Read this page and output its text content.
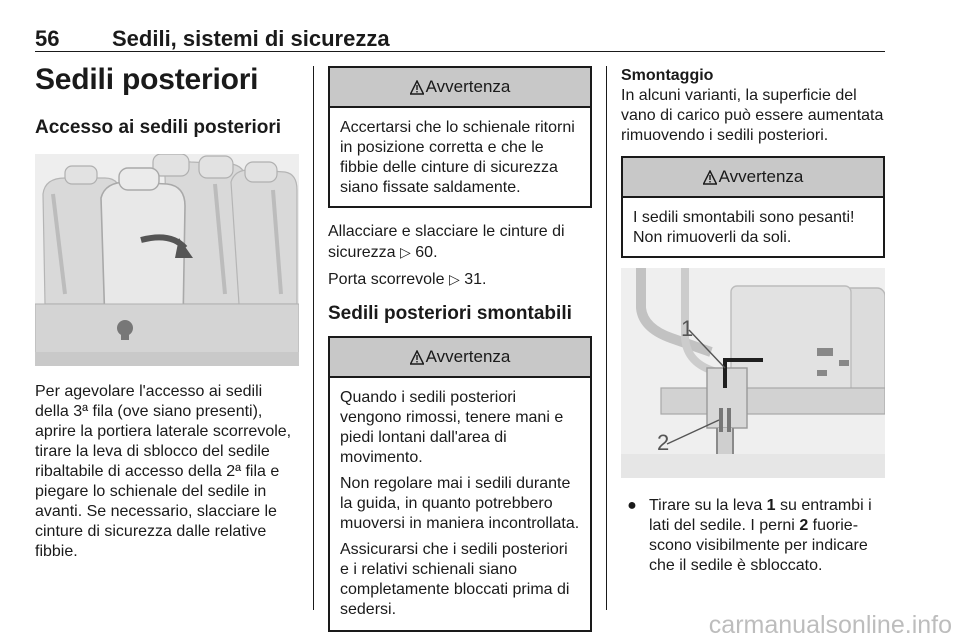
56 Sedili, sistemi di sicurezza
Sedili posteriori
Accesso ai sedili posteriori

Per agevolare l'accesso ai sedili della 3ª fila (ove siano presenti), aprire la portiera laterale scorrevole, tirare la leva di sblocco del sedile ribaltabile di accesso della 2ª fila e piegare lo schienale del sedile in avanti. Se necessario, slacciare le cinture di sicurezza dalle relative fibbie.

Avvertenza

Accertarsi che lo schienale ritorni in posizione corretta e che le fibbie delle cinture di sicurezza siano fissate saldamente.

Allacciare e slacciare le cinture di sicurezza ▷ 60.

Porta scorrevole ▷ 31.

Sedili posteriori smontabili
Avvertenza

Quando i sedili posteriori vengono rimossi, tenere mani e piedi lontani dall'area di movimento.

Non regolare mai i sedili durante la guida, in quanto potrebbero muoversi in maniera incontrollata.

Assicurarsi che i sedili posteriori e i relativi schienali siano completamente bloccati prima di sedersi.

Smontaggio

In alcuni varianti, la superficie del vano di carico può essere aumentata rimuovendo i sedili posteriori.

Avvertenza

I sedili smontabili sono pesanti! Non rimuoverli da soli.

1
2
● Tirare su la leva 1 su entrambi i lati del sedile. I perni 2 fuoriescono visibilmente per indicare che il sedile è sbloccato.
carmanualsonline.info
